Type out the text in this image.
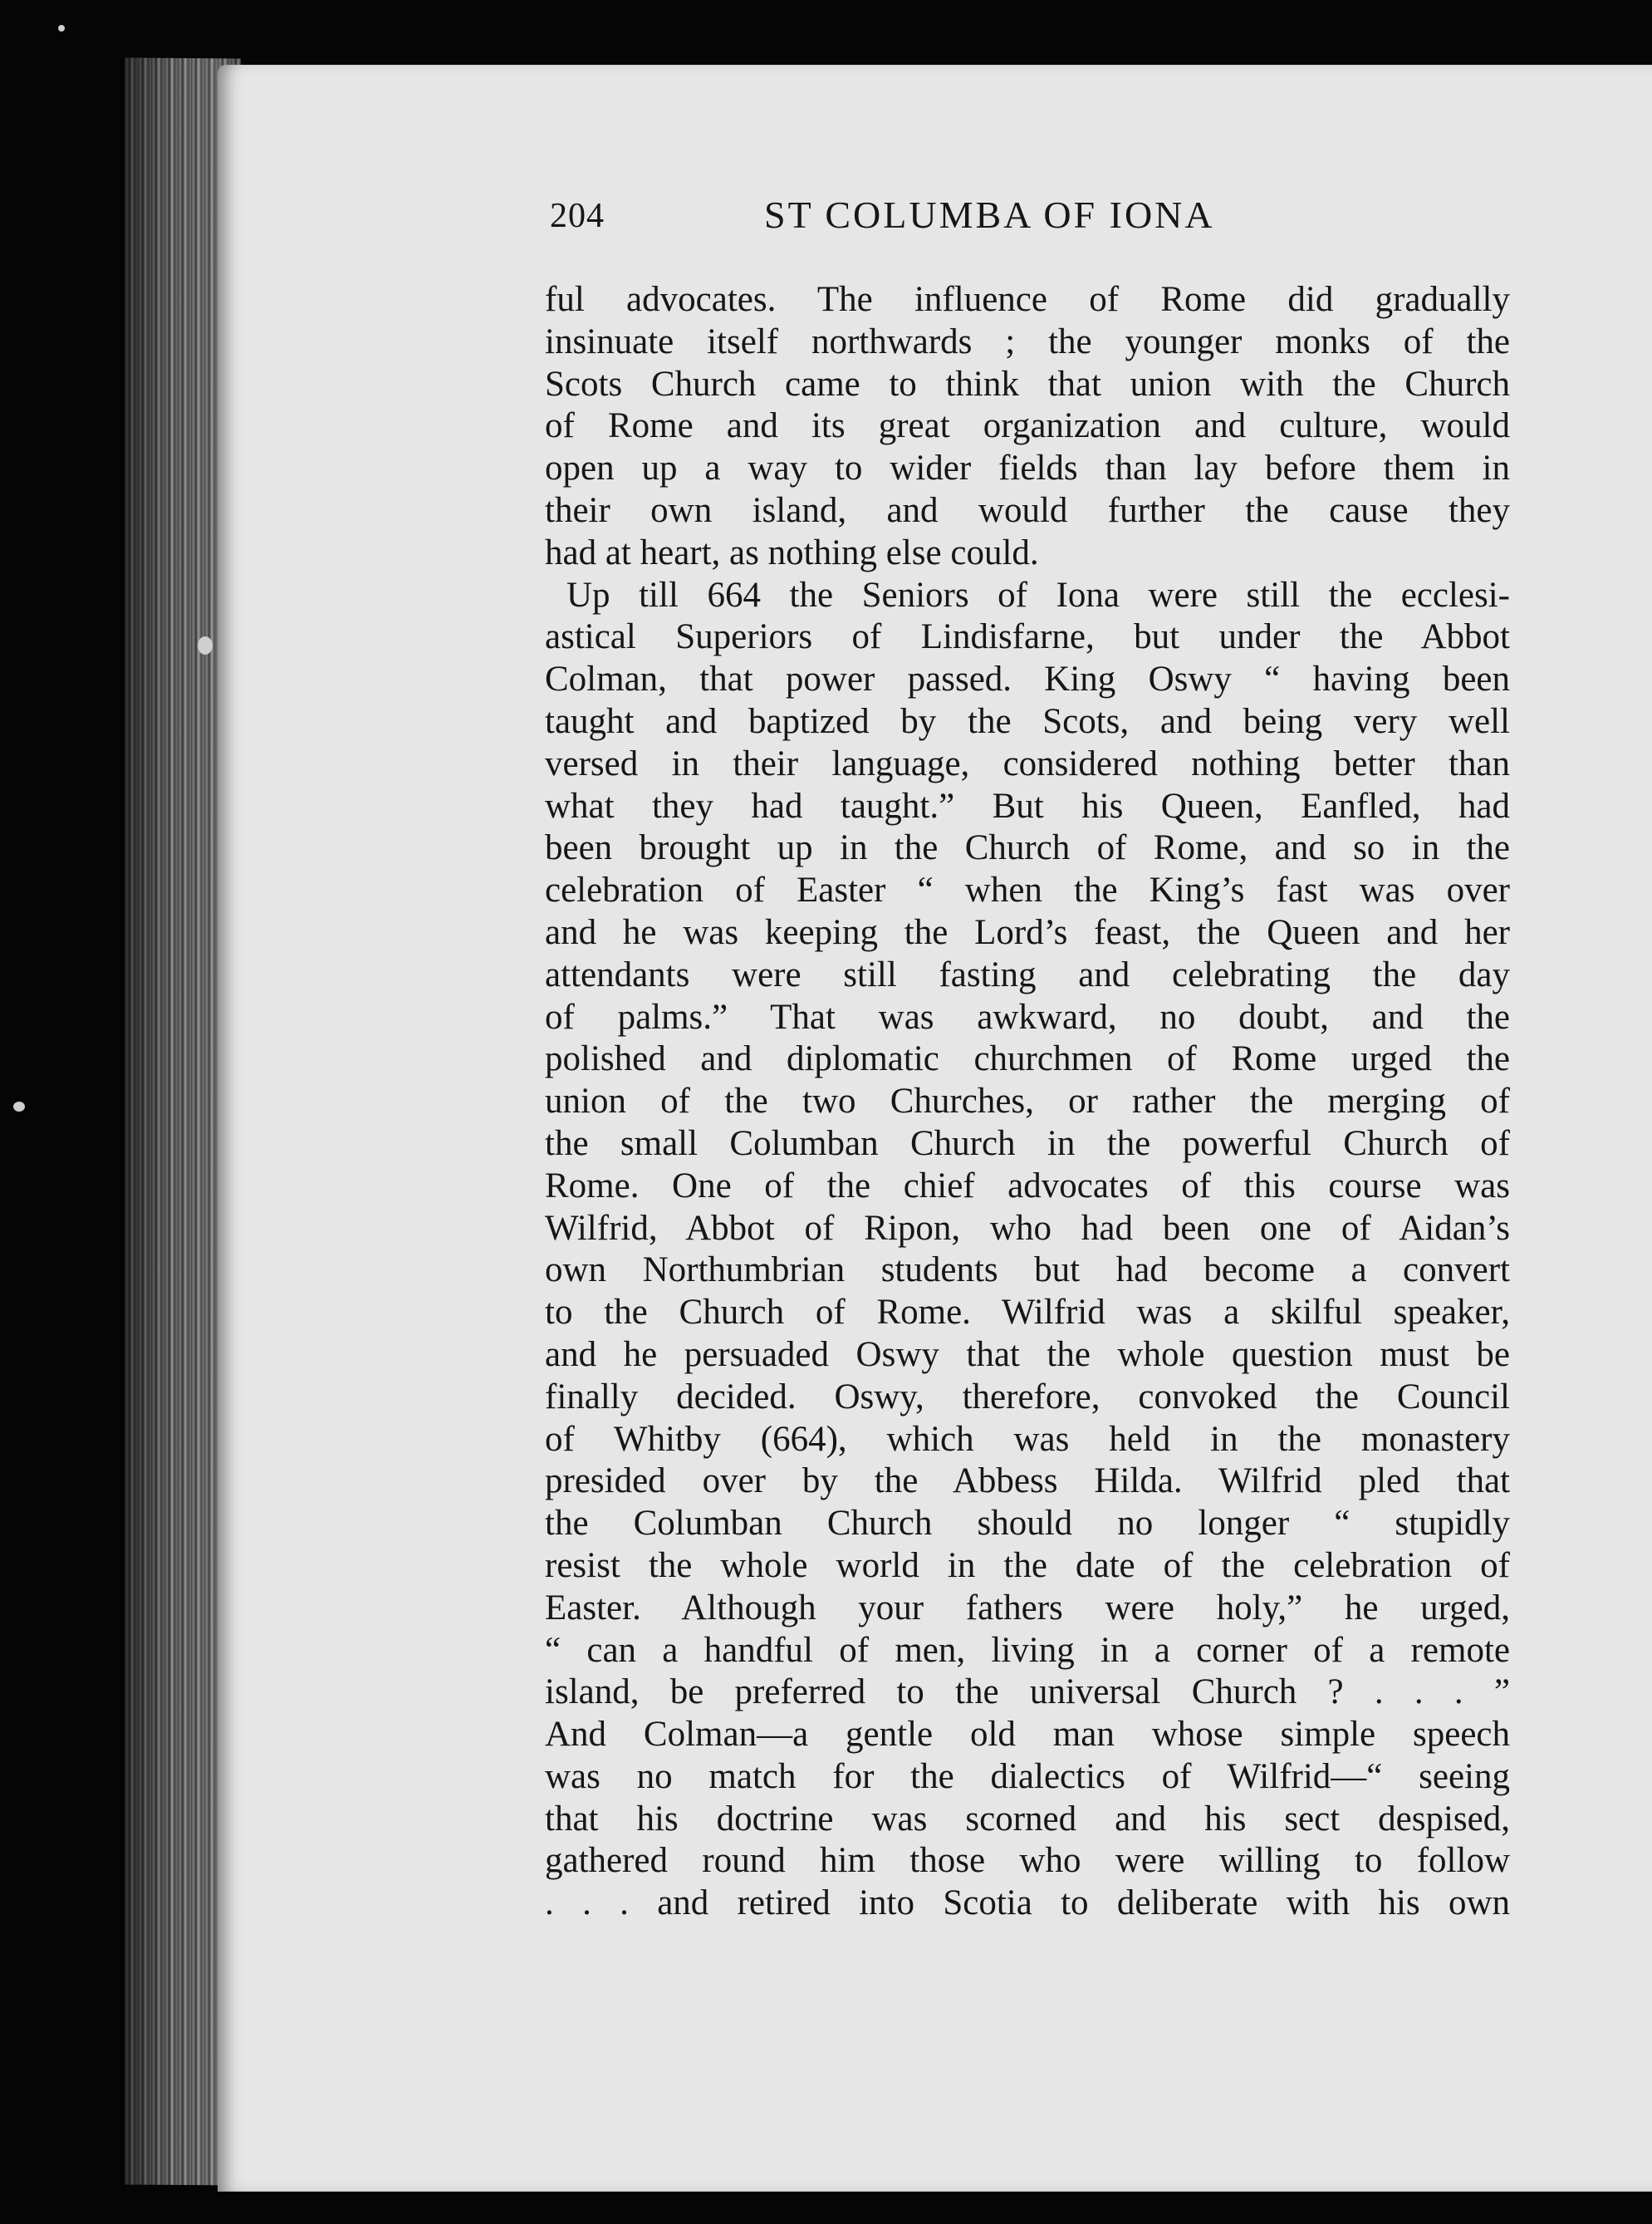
204	ST COLUMBA OF IONA
ful advocates. The influence of Rome did gradually
insinuate itself northwards ; the younger monks of the
Scots Church came to think that union with the Church
of Rome and its great organization and culture, would
open up a way to wider fields than lay before them in
their own island, and would further the cause they
had at heart, as nothing else could.
Up till 664 the Seniors of Iona were still the ecclesi-
astical Superiors of Lindisfarne, but under the Abbot
Colman, that power passed. King Oswy “ having been
taught and baptized by the Scots, and being very well
versed in their language, considered nothing better than
what they had taught.” But his Queen, Eanfled, had
been brought up in the Church of Rome, and so in the
celebration of Easter “ when the King’s fast was over
and he was keeping the Lord’s feast, the Queen and her
attendants were still fasting and celebrating the day
of palms.” That was awkward, no doubt, and the
polished and diplomatic churchmen of Rome urged the
union of the two Churches, or rather the merging of
the small Columban Church in the powerful Church of
Rome. One of the chief advocates of this course was
Wilfrid, Abbot of Ripon, who had been one of Aidan’s
own Northumbrian students but had become a convert
to the Church of Rome. Wilfrid was a skilful speaker,
and he persuaded Oswy that the whole question must be
finally decided. Oswy, therefore, convoked the Council
of Whitby (664), which was held in the monastery
presided over by the Abbess Hilda. Wilfrid pled that
the Columban Church should no longer “ stupidly
resist the whole world in the date of the celebration of
Easter. Although your fathers were holy,” he urged,
“ can a handful of men, living in a corner of a remote
island, be preferred to the universal Church ? . . . ”
And Colman—a gentle old man whose simple speech
was no match for the dialectics of Wilfrid—“ seeing
that his doctrine was scorned and his sect despised,
gathered round him those who were willing to follow
. . . and retired into Scotia to deliberate with his own
